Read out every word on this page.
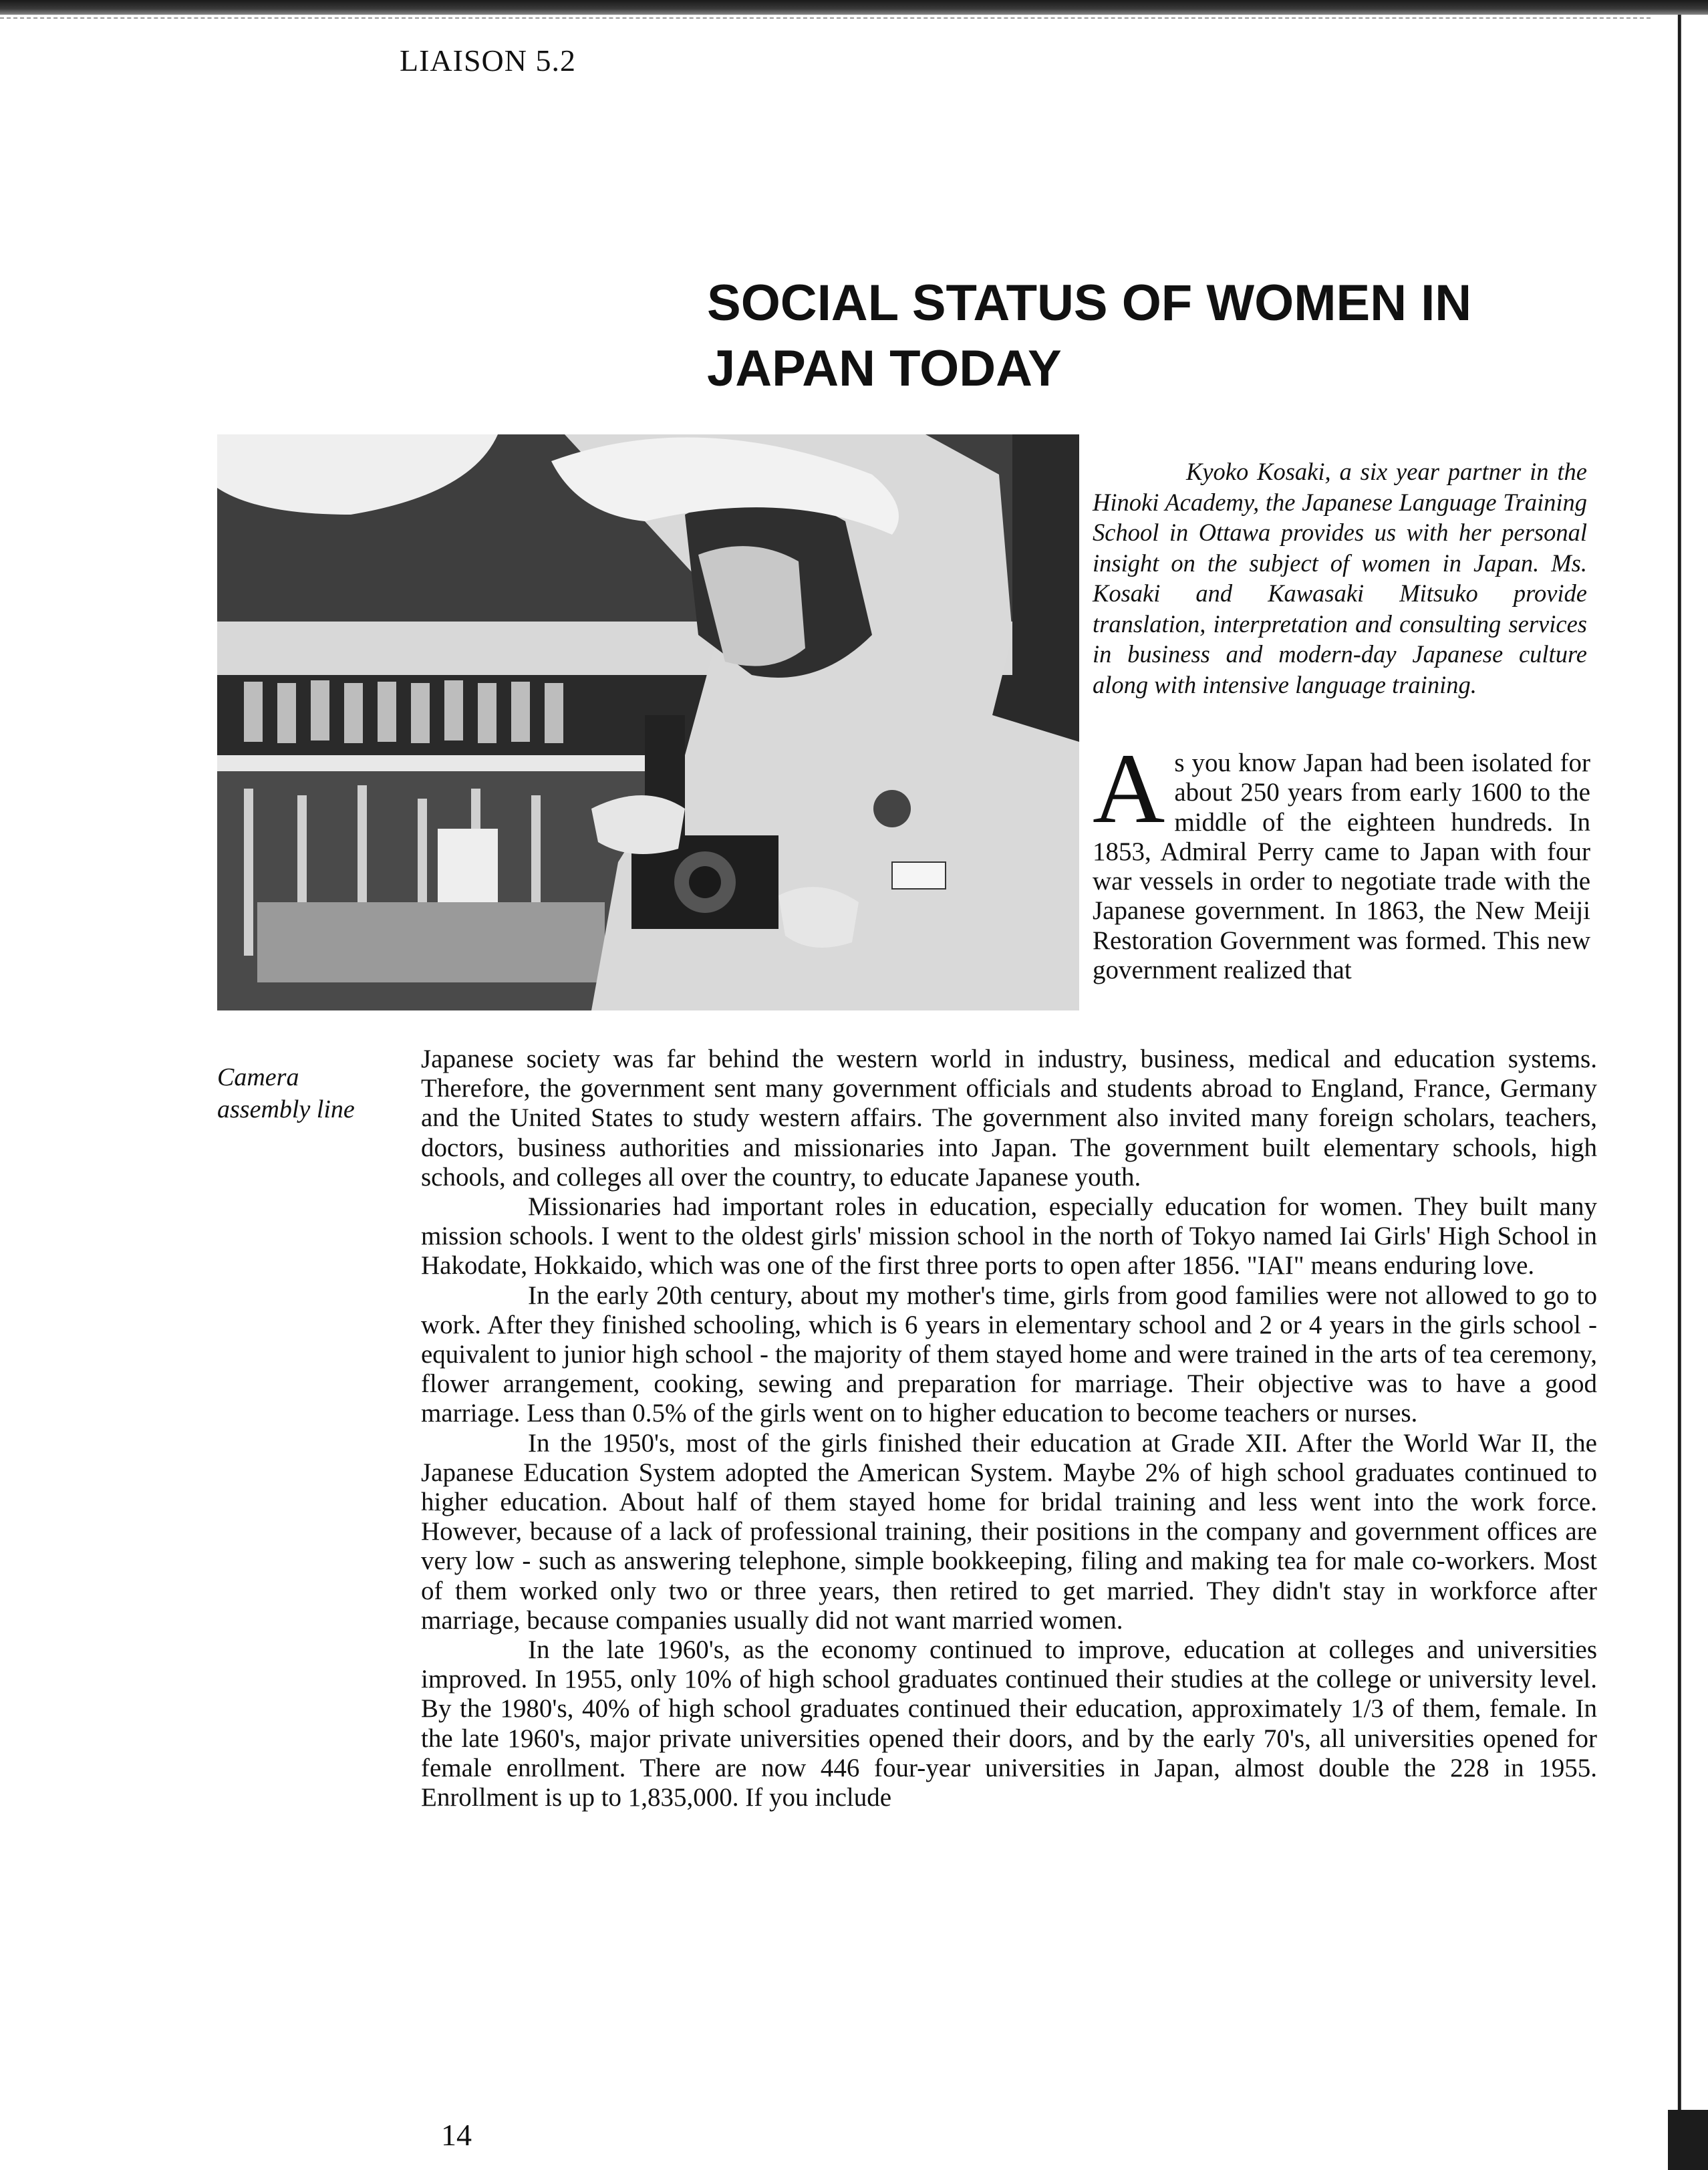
LIAISON 5.2
SOCIAL STATUS OF WOMEN IN JAPAN TODAY
Camera assembly line

Kyoko Kosaki, a six year partner in the Hinoki Academy, the Japanese Language Training School in Ottawa provides us with her personal insight on the subject of women in Japan. Ms. Kosaki and Kawasaki Mitsuko provide translation, interpretation and consulting services in business and modern-day Japanese culture along with intensive language training.

A s you know Japan had been isolated for about 250 years from early 1600 to the middle of the eighteen hundreds. In 1853, Admiral Perry came to Japan with four war vessels in order to negotiate trade with the Japanese government. In 1863, the New Meiji Restoration Government was formed. This new government realized that

Japanese society was far behind the western world in industry, business, medical and education systems. Therefore, the government sent many government officials and students abroad to England, France, Germany and the United States to study western affairs. The government also invited many foreign scholars, teachers, doctors, business authorities and missionaries into Japan. The government built elementary schools, high schools, and colleges all over the country, to educate Japanese youth.

Missionaries had important roles in education, especially education for women. They built many mission schools. I went to the oldest girls' mission school in the north of Tokyo named Iai Girls' High School in Hakodate, Hokkaido, which was one of the first three ports to open after 1856. "IAI" means enduring love.

In the early 20th century, about my mother's time, girls from good families were not allowed to go to work. After they finished schooling, which is 6 years in elementary school and 2 or 4 years in the girls school - equivalent to junior high school - the majority of them stayed home and were trained in the arts of tea ceremony, flower arrangement, cooking, sewing and preparation for marriage. Their objective was to have a good marriage. Less than 0.5% of the girls went on to higher education to become teachers or nurses.

In the 1950's, most of the girls finished their education at Grade XII. After the World War II, the Japanese Education System adopted the American System. Maybe 2% of high school graduates continued to higher education. About half of them stayed home for bridal training and less went into the work force. However, because of a lack of professional training, their positions in the company and government offices are very low - such as answering telephone, simple bookkeeping, filing and making tea for male co-workers. Most of them worked only two or three years, then retired to get married. They didn't stay in workforce after marriage, because companies usually did not want married women.

In the late 1960's, as the economy continued to improve, education at colleges and universities improved. In 1955, only 10% of high school graduates continued their studies at the college or university level. By the 1980's, 40% of high school graduates continued their education, approximately 1/3 of them, female. In the late 1960's, major private universities opened their doors, and by the early 70's, all universities opened for female enrollment. There are now 446 four-year universities in Japan, almost double the 228 in 1955. Enrollment is up to 1,835,000. If you include

14
